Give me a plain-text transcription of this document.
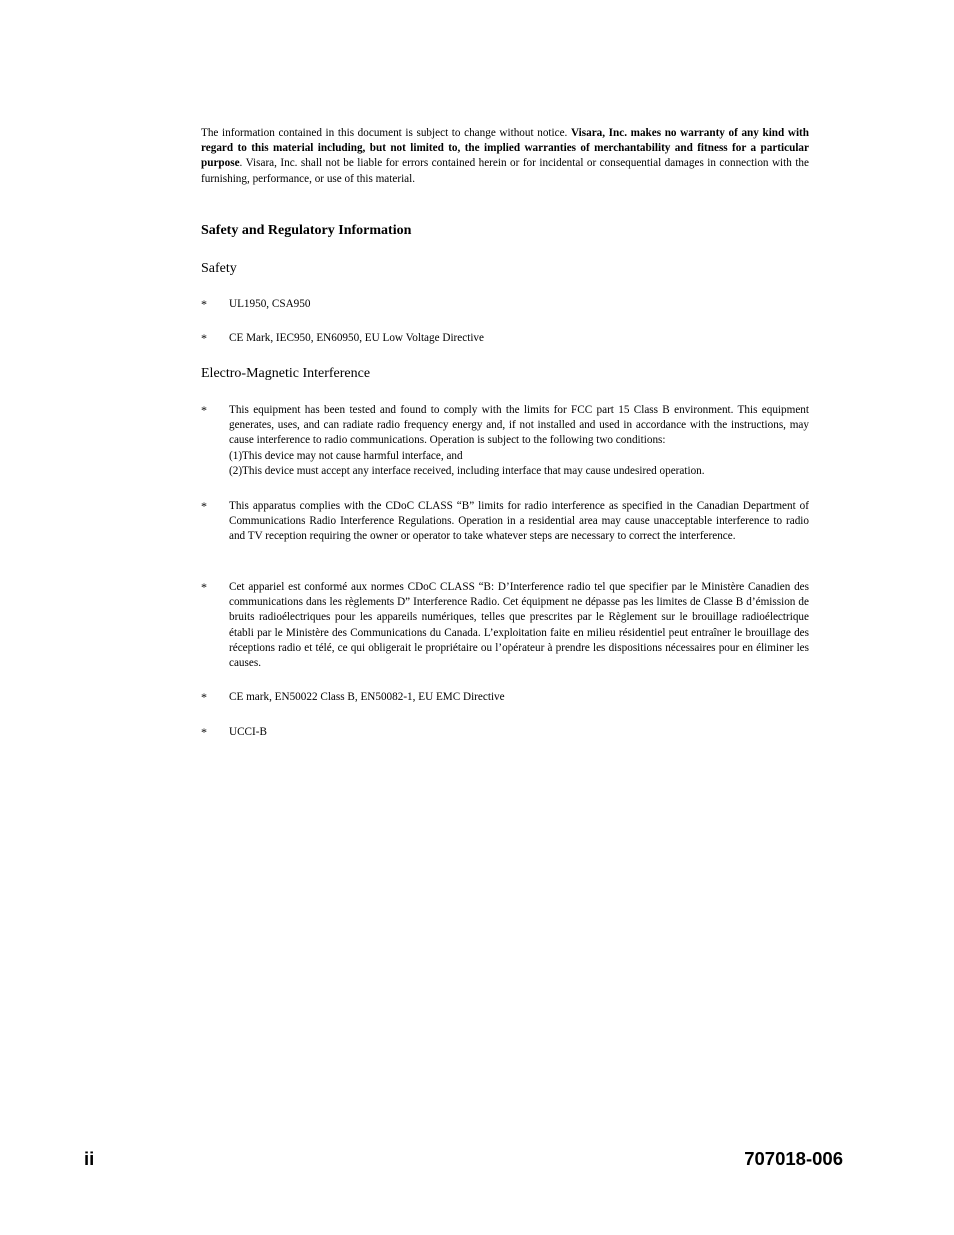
The information contained in this document is subject to change without notice. Visara, Inc. makes no warranty of any kind with regard to this material including, but not limited to, the implied warranties of merchantability and fitness for a particular purpose. Visara, Inc. shall not be liable for errors contained herein or for incidental or consequential damages in connection with the furnishing, performance, or use of this material.

Safety and Regulatory Information
Safety
*	UL1950, CSA950
*	CE Mark, IEC950, EN60950, EU Low Voltage Directive
Electro-Magnetic Interference
*	This equipment has been tested and found to comply with the limits for FCC part 15 Class B environment. This equipment generates, uses, and can radiate radio frequency energy and, if not installed and used in accordance with the instructions, may cause interference to radio communications. Operation is subject to the following two conditions:
(1)This device may not cause harmful interface, and
(2)This device must accept any interface received, including interface that may cause undesired operation.
*	This apparatus complies with the CDoC CLASS “B” limits for radio interference as specified in the Canadian Department of Communications Radio Interference Regulations. Operation in a residential area may cause unacceptable interference to radio and TV reception requiring the owner or operator to take whatever steps are necessary to correct the interference.
*	Cet appariel est conformé aux normes CDoC CLASS “B: D’Interference radio tel que specifier par le Ministère Canadien des communications dans les règlements D” Interference Radio. Cet équipment ne dépasse pas les limites de Classe B d’émission de bruits radioélectriques pour les appareils numériques, telles que prescrites par le Règlement sur le brouillage radioélectrique établi par le Ministère des Communications du Canada. L’exploitation faite en milieu résidentiel peut entraîner le brouillage des réceptions radio et télé, ce qui obligerait le propriétaire ou l’opérateur à prendre les dispositions nécessaires pour en éliminer les causes.
*	CE mark, EN50022 Class B, EN50082-1, EU EMC Directive
*	UCCI-B
ii	707018-006
